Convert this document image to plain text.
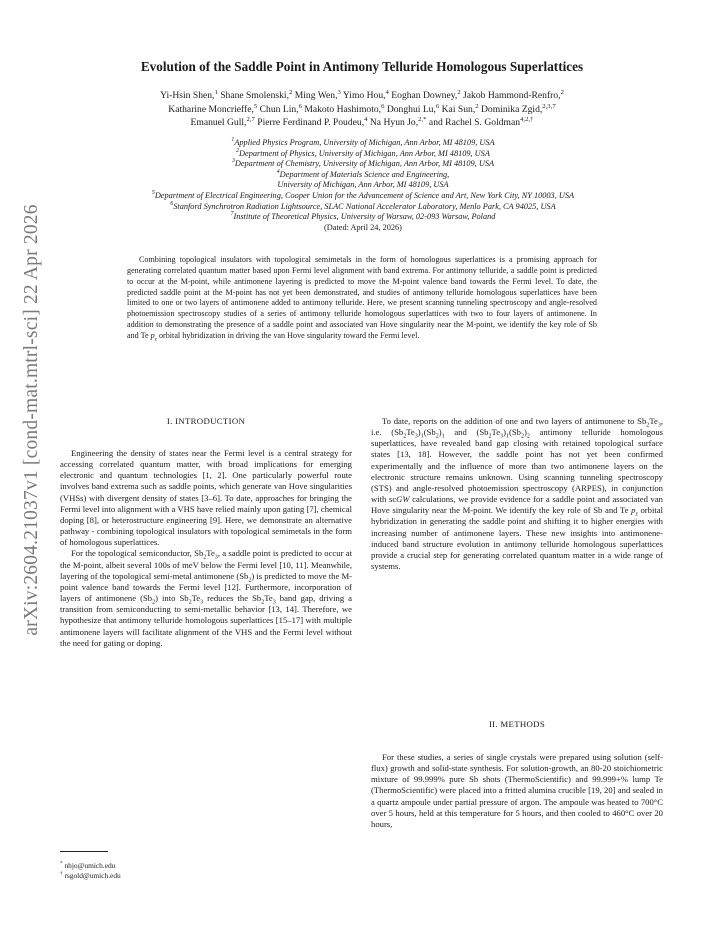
arXiv:2604.21037v1 [cond-mat.mtrl-sci] 22 Apr 2026
Evolution of the Saddle Point in Antimony Telluride Homologous Superlattices
Yi-Hsin Shen,$^1$ Shane Smolenski,$^2$ Ming Wen,$^3$ Yimo Hou,$^4$ Eoghan Downey,$^2$ Jakob Hammond-Renfro,$^2$
Katharine Moncrieffe,$^5$ Chun Lin,$^6$ Makoto Hashimoto,$^6$ Donghui Lu,$^6$ Kai Sun,$^2$ Dominika Zgid,$^{2,3,7}$
Emanuel Gull,$^{2,7}$ Pierre Ferdinand P. Poudeu,$^4$ Na Hyun Jo,$^{2,*}$ and Rachel S. Goldman$^{4,2,\dagger}$
$^1$Applied Physics Program, University of Michigan, Ann Arbor, MI 48109, USA
$^2$Department of Physics, University of Michigan, Ann Arbor, MI 48109, USA
$^3$Department of Chemistry, University of Michigan, Ann Arbor, MI 48109, USA
$^4$Department of Materials Science and Engineering,
University of Michigan, Ann Arbor, MI 48109, USA
$^5$Department of Electrical Engineering, Cooper Union for the Advancement of Science and Art, New York City, NY 10003, USA
$^6$Stanford Synchrotron Radiation Lightsource, SLAC National Accelerator Laboratory, Menlo Park, CA 94025, USA
$^7$Institute of Theoretical Physics, University of Warsaw, 02-093 Warsaw, Poland
(Dated: April 24, 2026)

Combining topological insulators with topological semimetals in the form of homologous superlattices is a promising approach for generating correlated quantum matter based upon Fermi level alignment with band extrema. For antimony telluride, a saddle point is predicted to occur at the M-point, while antimonene layering is predicted to move the M-point valence band towards the Fermi level. To date, the predicted saddle point at the M-point has not yet been demonstrated, and studies of antimony telluride homologous superlattices have been limited to one or two layers of antimonene added to antimony telluride. Here, we present scanning tunneling spectroscopy and angle-resolved photoemission spectroscopy studies of a series of antimony telluride homologous superlattices with two to four layers of antimonene. In addition to demonstrating the presence of a saddle point and associated van Hove singularity near the M-point, we identify the key role of Sb and Te $p_z$ orbital hybridization in driving the van Hove singularity toward the Fermi level.

I. INTRODUCTION

Engineering the density of states near the Fermi level is a central strategy for accessing correlated quantum matter, with broad implications for emerging electronic and quantum technologies [1, 2]. One particularly powerful route involves band extrema such as saddle points, which generate van Hove singularities (VHSs) with divergent density of states [3–6]. To date, approaches for bringing the Fermi level into alignment with a VHS have relied mainly upon gating [7], chemical doping [8], or heterostructure engineering [9]. Here, we demonstrate an alternative pathway - combining topological insulators with topological semimetals in the form of homologous superlattices.

For the topological semiconductor, $Sb_2Te_3$, a saddle point is predicted to occur at the M-point, albeit several 100s of meV below the Fermi level [10, 11]. Meanwhile, layering of the topological semi-metal antimonene $(Sb_2)$ is predicted to move the M-point valence band towards the Fermi level [12]. Furthermore, incorporation of layers of antimonene $(Sb_2)$ into $Sb_2Te_3$ reduces the $Sb_2Te_3$ band gap, driving a transition from semiconducting to semi-metallic behavior [13, 14]. Therefore, we hypothesize that antimony telluride homologous superlattices [15–17] with multiple antimonene layers will facilitate alignment of the VHS and the Fermi level without the need for gating or doping.

To date, reports on the addition of one and two layers of antimonene to $Sb_2Te_3$, i.e. $(Sb_2Te_3)_1(Sb_2)_1$ and $(Sb_2Te_3)_1(Sb_2)_2$ antimony telluride homologous superlattices, have revealed band gap closing with retained topological surface states [13, 18]. However, the saddle point has not yet been confirmed experimentally and the influence of more than two antimonene layers on the electronic structure remains unknown. Using scanning tunneling spectroscopy (STS) and angle-resolved photoemission spectroscopy (ARPES), in conjunction with scGW calculations, we provide evidence for a saddle point and associated van Hove singularity near the M-point. We identify the key role of Sb and Te $p_z$ orbital hybridization in generating the saddle point and shifting it to higher energies with increasing number of antimonene layers. These new insights into antimonene-induced band structure evolution in antimony telluride homologous superlattices provide a crucial step for generating correlated quantum matter in a wide range of systems.

II. METHODS

For these studies, a series of single crystals were prepared using solution (self-flux) growth and solid-state synthesis. For solution-growth, an 80-20 stoichiometric mixture of 99.999% pure Sb shots (ThermoScientific) and 99.999+% lump Te (ThermoScientific) were placed into a fritted alumina crucible [19, 20] and sealed in a quartz ampoule under partial pressure of argon. The ampoule was heated to 700°C over 5 hours, held at this temperature for 5 hours, and then cooled to 460°C over 20 hours,

* nhjo@umich.edu
† rsgold@umich.edu
